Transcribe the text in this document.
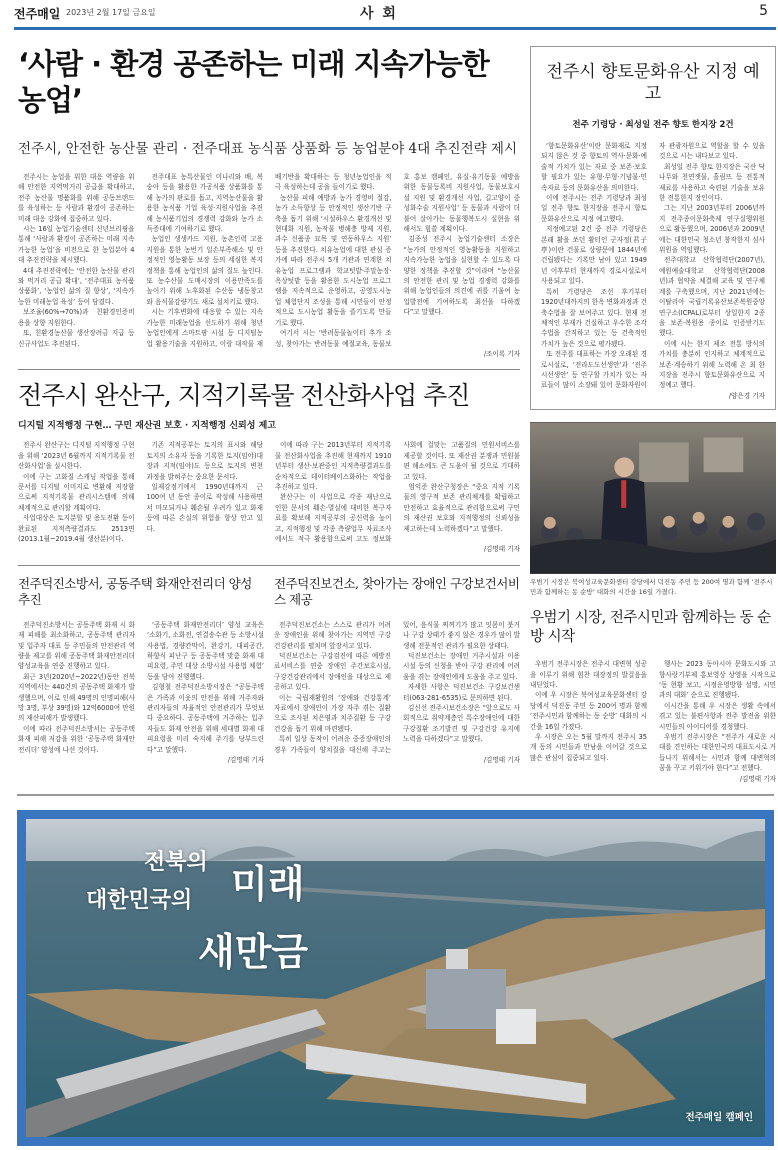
전주매일 2023년 2월 17일 금요일	사 회	5
‘사람 · 환경 공존하는 미래 지속가능한 농업’
전주시, 안전한 농산물 관리 · 전주대표 농식품 상품화 등 농업분야 4대 추진전략 제시

전주시는 농업을 위한 대응 역량을 위해 안전한 지역먹거리 공급을 확대하고, 전주 농산물 명품화를 위해 공동브랜드를 육성하는 등 사람과 환경이 공존하는 미래 대응 강화에 집중하고 있다.

시는 16일 농업기술센터 신년브리핑을 통해 ‘사람과 환경이 공존하는 미래 지속가능한 농업’을 비전으로 한 농업분야 4대 추진전략을 제시했다.

4대 추진전략에는 ‘안전한 농산물 관리와 먹거리 공급 확대’, ‘전주대표 농식품 상품화’, ‘농업인 삶의 질 향상’, ‘지속가능한 미래농업 육성’ 등이 담겼다.

보조율(60%→70%)과 친환경인증비용을 상향 지원한다.

또, 친환경농산물 생산장려금 지급 등 신규사업도 추진된다.

전주대표 농특산물인 미나리와 배, 복숭아 등을 활용한 가공식품 상품화를 통해 농가의 판로를 돕고, 지역농산물을 활용한 농식품 기업 육성·지원사업을 추진해 농식품기업의 경쟁력 강화와 농가 소득증대에 기여하기로 했다.

농업인 생생카드 지원, 농촌인력 고용지원을 통한 농번기 일손부족해소 및 안정적인 영농활동 보장 등의 세심한 복지정책을 통해 농업인의 삶의 질도 높인다. 또 농수산물 도매시장의 이용만족도를 높이기 위해 노후화된 수산동 냉동창고와 음식물감량기도 새로 설치키로 했다.

시는 기후변화에 대응할 수 있는 지속가능한 미래농업을 선도하기 위해 청년농업인에게 스마트팜 시설 등 디지털농업 활용기술을 지원하고, 이랑 대작물 재배기반을 확대하는 등 청년농업인을 적극 육성하는데 공을 들이기로 했다.

농산물 피해 예방과 농가 경영비 절감, 농가 소득향상 등 안정적인 생산기반 구축을 돕기 위해 ‘시설하우스 환경개선 및 현대화 지원, 농작물 병해충 방제 지원, 과수 신품종 묘목 및 연동하우스 지원’ 등을 추진한다. 치유농업에 대한 관심 증가에 따라 전주시 5개 기관과 연계한 치유농업 프로그램과 학교텃밭·주말농장·옥상텃밭 등을 활용한 도시농업 프로그램을 지속적으로 운영하고, 공영도시농업 체험단지 조성을 통해 시민들이 안정적으로 도시농업 활동을 즐기도록 만들기로 했다.

여기서 시는 ‘반려동물놀이터 추가 조성, 찾아가는 반려동물 예절교육, 동물보호 홍보 캠페인, 유실·유기동물 예방을 위한 동물등록비 지원사업, 동물보호시설 지원 및 환경개선 사업, 길고양이 중성화수술 지원사업’ 등 동물과 사람이 더불어 살아가는 동물행복도시 실현을 위해서도 힘쓸 계획이다.

김종성 전주시 농업기술센터 소장은 “농가의 안정적인 영농활동을 지원하고 지속가능한 농업을 실현할 수 있도록 다양한 정책을 추진할 것”이라며 “농산물의 안전한 관리 및 농업 경쟁력 강화를 위해 농업인들의 의견에 귀를 기울여 농업발전에 기여하도록 최선을 다하겠다”고 말했다.

/조이록 기자
전주시 완산구, 지적기록물 전산화사업 추진
디지털 지적행정 구현… 구민 재산권 보호 · 지적행정 신뢰성 제고

전주시 완산구는 디지털 지적행정 구현을 위해 ‘2023년 6월까지 지적기록물 전산화사업’을 실시한다.

이에 구는 고화질 스캐닝 작업을 통해 문서를 디지털 이미지로 변환해 저장함으로써 지적기록물 관리시스템에 의해 체계적으로 관리할 계획이다.

사업대상은 토지분할 및 용도전환 등이 완료된 지적측량결과도 2513면(2013.1월~2019.4월 생산분)이다.

기존 지적공부는 토지의 표시와 해당 토지의 소유자 등을 기록한 토지(임야)대장과 지적(임야)도 등으로 토지의 변천 과정을 밝혀주는 중요한 문서다.

일제강점기에서 1990년대까지 근 100여 년 동안 종이로 작성해 사용하면서 마모되거나 훼손될 우려가 있고 화재 등에 따른 손실의 위험을 항상 안고 있다.

이에 따라 구는 2013년부터 지적기록물 전산화사업을 추진해 현재까지 1910년부터 생산·보관중인 지적측량결과도를 순차적으로 데이터베이스화하는 작업을 추진하고 있다.

완산구는 이 사업으로 각종 재난으로 인한 문서의 훼손·멸실에 대비한 복구자료를 확보해 지적공부의 공신력을 높이고, 지적행정 및 각종 측량업무 자료조사에서도 적극 활용함으로써 고도 정보화 사회에 걸맞는 고품질의 민원서비스를 제공할 것이다. 또 재산권 분쟁과 민원불편 해소에도 큰 도움이 될 것으로 기대하고 있다.

엄익준 완산구청장은 “중요 지적 기록물의 영구적 보존 관리체계를 확립하고 안전하고 효율적으로 관리함으로써 구민의 재산권 보호와 지적행정의 신뢰성을 제고하는데 노력하겠다”고 말했다.

/김명태 기자
전주덕진소방서, 공동주택 화재안전리더 양성 추진

전주덕진소방서는 공동주택 화재 시 화재 피해를 최소화하고, 공동주택 관리자 및 입주자 대표 등 주민들의 안전관리 역량을 제고를 위해 공동주택 화재안전리더 양성교육을 연중 진행하고 있다.

최근 3년(2020년~2022년)동안 전북지역에서는 440건의 공동주택 화재가 발생했으며, 이로 인해 49명의 인명피해(사망 3명, 부상 39명)와 12억6000여 만원의 재산피해가 발생했다.

이에 따라 전주덕진소방서는 공동주택 화재 피해 저감을 위한 ‘공동주택 화재안전리더’ 양성에 나선 것이다.

‘공동주택 화재안전리더’ 양성 교육은 ‘소화기, 소화전, 연결송수관 등 소방시설 사용법, 경량칸막이, 완강기, 대피공간, 하향식 피난구 등 공동주택 맞춤 화재 대피요령, 주민 대상 소방시설 사용법 체험’ 등을 담아 진행했다.

김형철 전주덕진소방서장은 “공동주택은 가족과 이웃의 안전을 위해 거주자와 관리자들의 자율적인 안전관리가 무엇보다 중요하다. 공동주택에 거주하는 입주자들도 화재 안전을 위해 세대별 화재 대피요령을 미리 숙지해 주기를 당부드린다”고 말했다.

/김명태 기자
전주덕진보건소, 찾아가는 장애인 구강보건서비스 제공

전주덕진보건소는 스스로 관리가 어려운 장애인을 위해 찾아가는 지역민 구강건강관리를 펼치며 앞장서고 있다.

덕진보건소는 구강검진에 따른 예방진료서비스를 연중 장애인 주간보호시설, 구강건강관리에서 장애인을 대상으로 제공하고 있다.

이는 국립재활원의 ‘장애와 건강통계’ 자료에서 장애인이 가장 자주 겪는 질환으로 조사된 치은염과 치주질환 등 구강건강을 돕기 위해 마련됐다.

특히 일상 동작이 어려운 중증장애인의 경우 가족들이 양치질을 대신해 주고는 있어, 음식물 찌꺼기가 많고 잇몸이 붓거나 구강 상태가 좋지 않은 경우가 많이 발생해 전문적인 관리가 필요한 상태다.

덕진보건소는 장애인 거주시설과 이용시설 등의 신청을 받아 구강 관리에 어려움을 겪는 장애인에게 도움을 주고 있다.

자세한 사항은 덕진보건소 구강보건센터(063-281-6535)로 문의하면 된다.

김신선 전주시보건소장은 “앞으로도 사회적으로 취약계층인 특수장애인에 대한 구강질환 조기발견 및 구강건강 유지에 노력을 다하겠다”고 말했다.

/김명태 기자
전주시 향토문화유산 지정 예고
전주 기령당 · 최성일 전주 향토 한지장 2건

‘향토문화유산’이란 문화재로 지정되지 않은 것 중 향토의 역사·문화·예술적 가치가 있는 자료 중 보존·보호할 필요가 있는 유형·무형·기념물·민속자료 등의 문화유산을 의미한다.

이에 전주시는 전주 기령당과 최성일 전주 향토 한지장을 전주시 향토문화유산으로 지정 예고했다.

지정예고된 2건 중 전주 기령당은 본래 활을 쏘던 활터인 군자정(君子亭)이란 건물로 상량문에 1844년에 건립됐다는 기록만 남아 있고 1949년 이후부터 현재까지 경로시설로서 사용되고 있다.

특히 기령당은 조선 후기부터 1920년대까지의 한옥 변화과정과 건축수법을 잘 보여주고 있다. 현재 전체적인 부재가 건실하고 우수한 조각수법을 간직하고 있는 등 건축적인 가치가 높은 것으로 평가됐다.

또 전주를 대표하는 가장 오래된 경로시설로, ‘전라도도선생안’과 ‘전주시선생안’ 등 연구할 가치가 있는 자료들이 많이 소장돼 있어 문화자원이자 관광자원으로 역할을 할 수 있을 것으로 시는 내다보고 있다.

최성일 전주 향토 한지장은 국산 닥나무와 천연잿물, 흘림뜨 등 전통적 재료를 사용하고 숙련된 기술을 보유한 전통한지 장인이다.

그는 지난 2003년부터 2006년까지 전주종이문화축제 연구실행위원으로 활동했으며, 2006년과 2009년에는 대한민국 청소년 창작한지 심사위원을 역임했다.

전주대학교 산학협력단(2007년), 예원예술대학교 산학협력단(2008년)과 협약을 체결해 교육 및 연구체계를 구축했으며, 지난 2021년에는 이탈리아 국립기록유산보존복원중앙연구소(ICPAL)로부터 상일한지 2종을 보존·복원용 종이로 인증받기도 했다.

이에 시는 한지 제조 전통 방식의 가치를 충분히 인지하고 체계적으로 보존·계승하기 위해 노력해 온 최 한지장을 전주시 향토문화유산으로 지정예고 했다.

/양은경 기자
우범기 시장은 북여성교육문화센터 강당에서 덕진동 주민 등 200여 명과 함께 ‘전주시민과 함께하는 동 순방’ 대화의 시간을 16일 가졌다.
우범기 시장, 전주시민과 함께하는 동 순방 시작

우범기 전주시장은 전주시 대변혁 성공을 이루기 위해 힘찬 대장정의 발걸음을 내딛었다.

이에 우 시장은 북여성교육문화센터 강당에서 덕진동 주민 등 200여 명과 함께 ‘전주시민과 함께하는 동 순방’ 대화의 시간을 16일 가졌다.

우 시장은 오는 5월 말까지 전주시 35개 동의 시민들과 만남을 이어갈 것으로 많은 관심이 집중되고 있다.

행사는 2023 동아시아 문화도시와 고향사랑기부제 홍보영상 상영을 시작으로 ‘동 현황 보고, 시정운영방향 설명, 시민과의 대화’ 순으로 진행됐다.

이시간을 통해 우 시장은 생활 속에서 겪고 있는 불편사항과 전주 발전을 위한 시민들의 아이디어를 경청했다.

우범기 전주시장은 “전주가 새로운 시대를 견인하는 대한민국의 대표도시로 거듭나기 위해서는 시민과 함께 대변혁의 꿈을 꾸고 키워가야 한다”고 전했다.

/김명태 기자
전북의
대한민국의 미래
새만금
전주매일 캠페인
